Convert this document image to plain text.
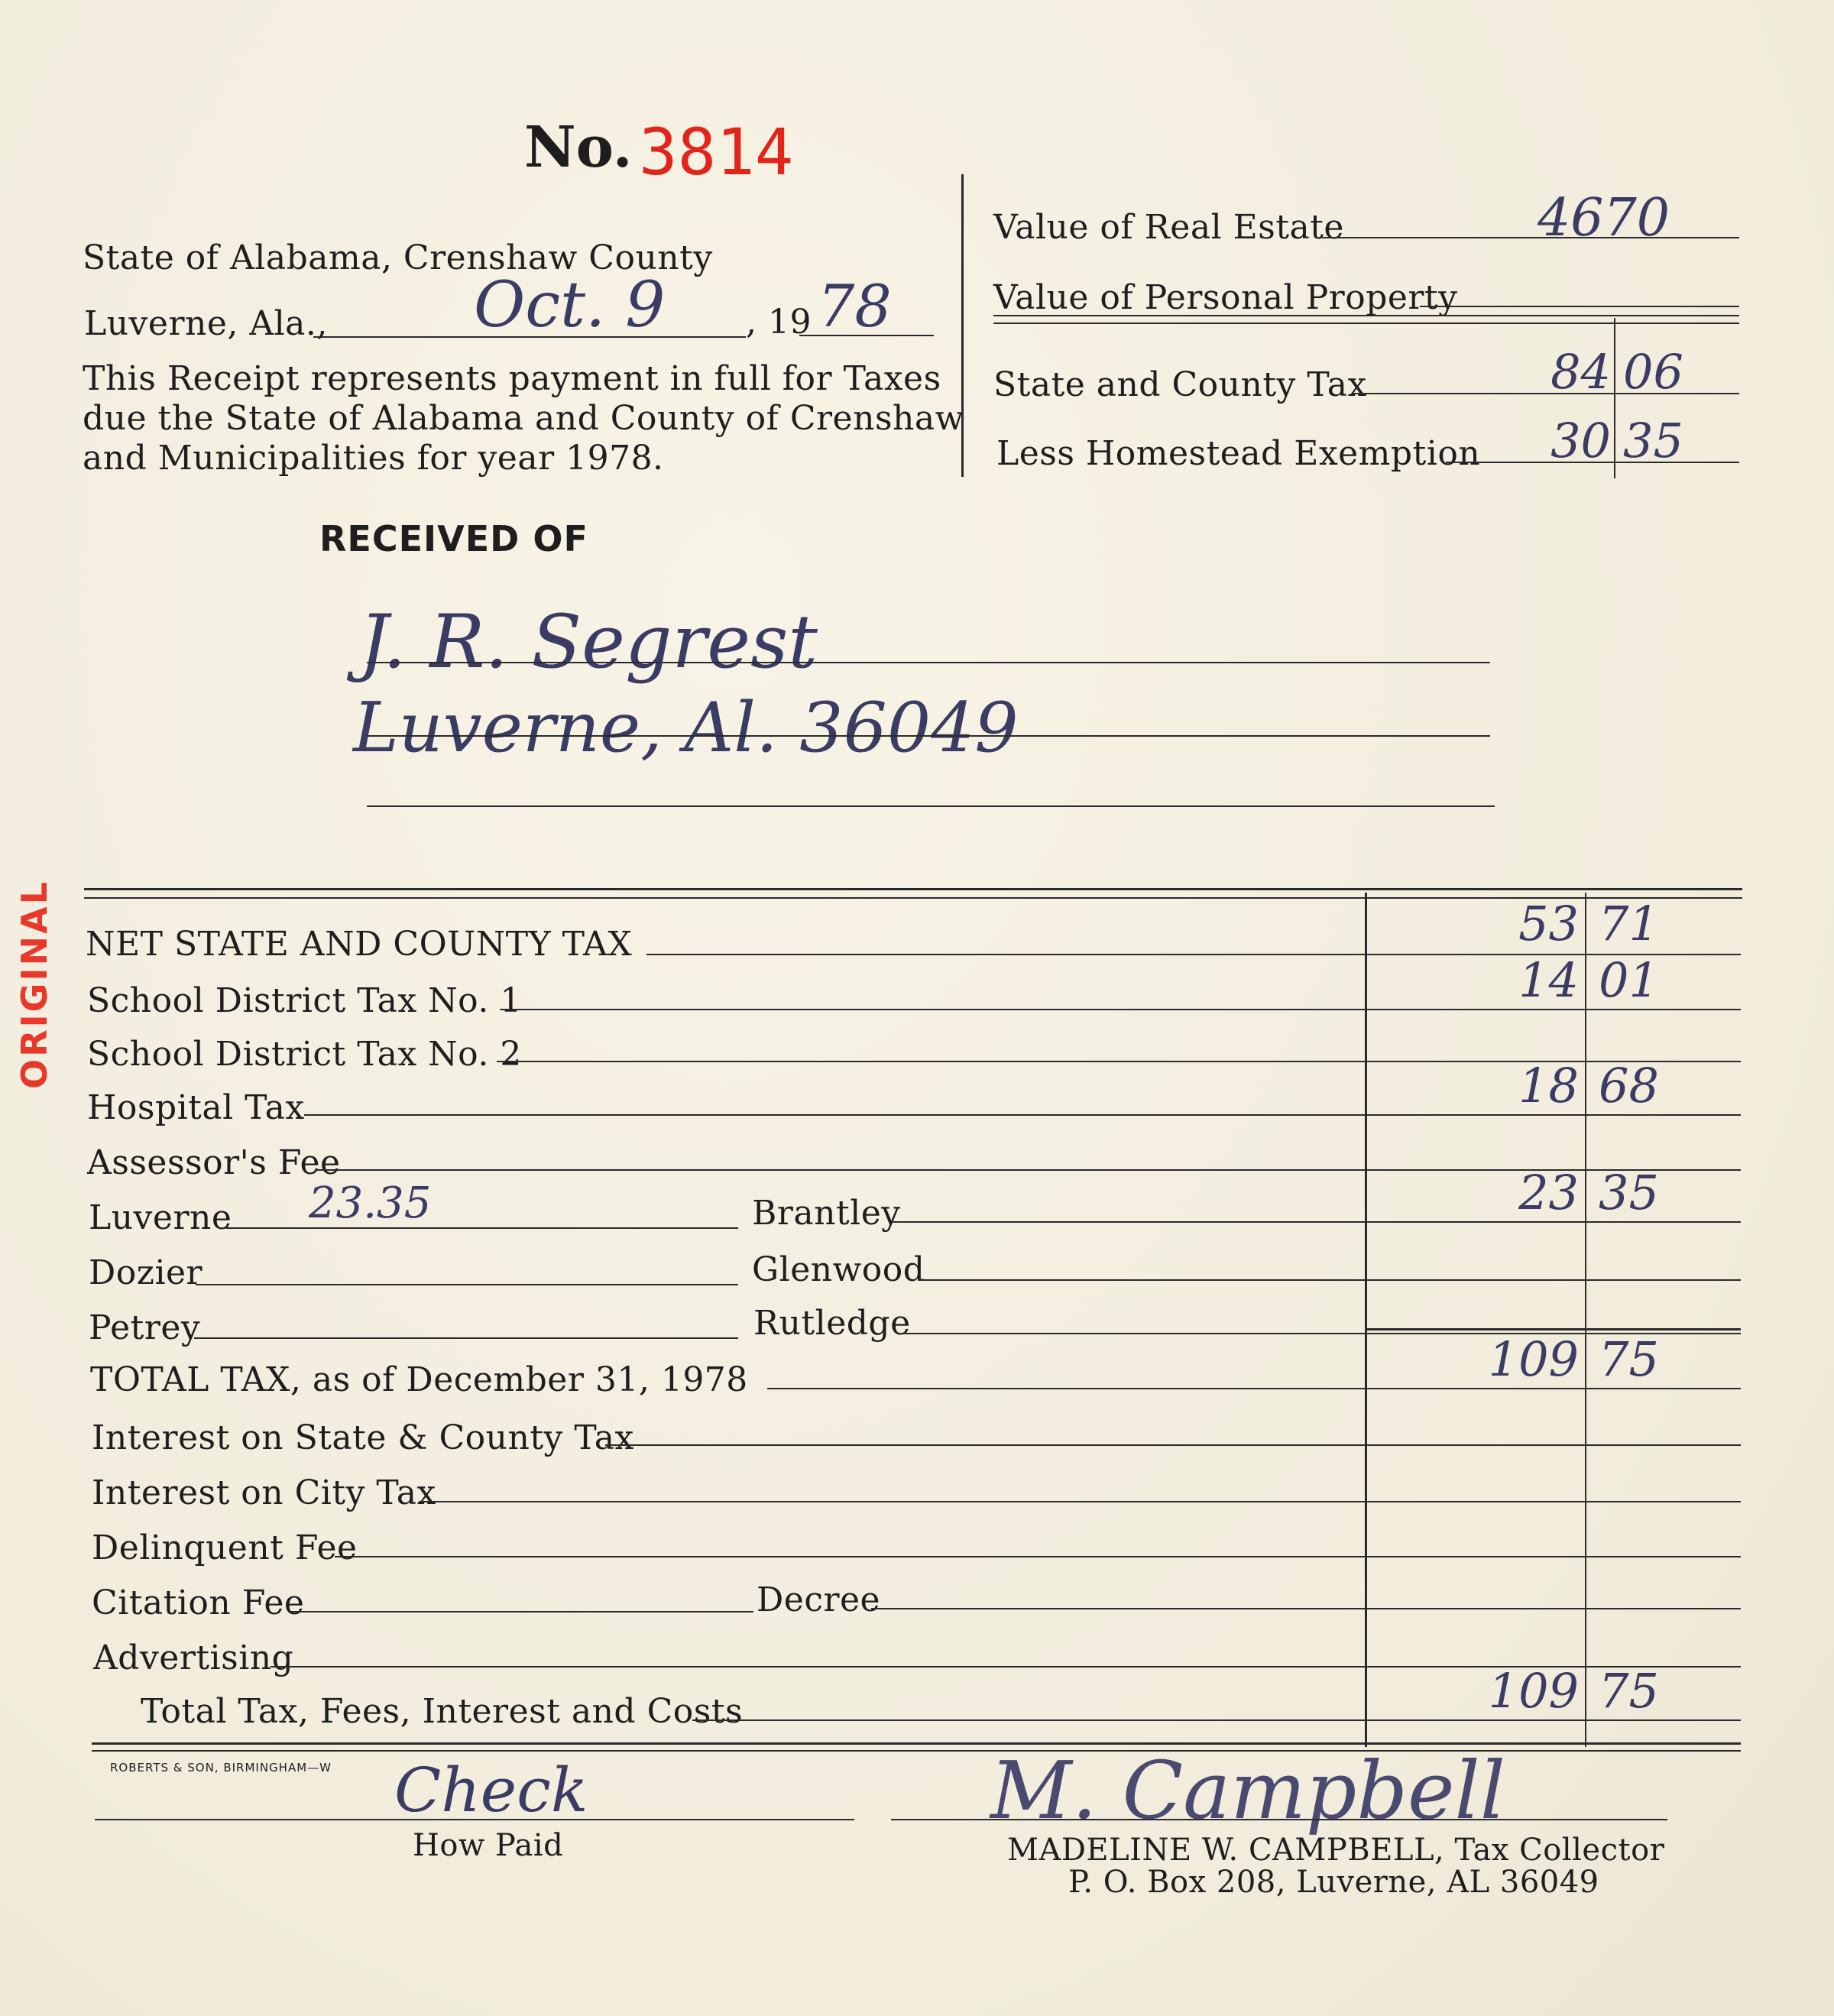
No. 3814
ORIGINAL
State of Alabama, Crenshaw County
Luverne, Ala., Oct. 9 , 19 78
This Receipt represents payment in full for Taxes
due the State of Alabama and County of Crenshaw
and Municipalities for year 1978.
Value of Real Estate	4670
Value of Personal Property
State and County Tax	84 06
Less Homestead Exemption	30 35
RECEIVED OF
J. R. Segrest
Luverne, Al. 36049
NET STATE AND COUNTY TAX	53 71
School District Tax No. 1	14 01
School District Tax No. 2
Hospital Tax	18 68
Assessor's Fee
Luverne 23.35	Brantley	23 35
Dozier	Glenwood
Petrey	Rutledge
TOTAL TAX, as of December 31, 1978	109 75
Interest on State & County Tax
Interest on City Tax
Delinquent Fee
Citation Fee	Decree
Advertising
Total Tax, Fees, Interest and Costs	109 75
ROBERTS & SON, BIRMINGHAM—W Check
How Paid
M. Campbell
MADELINE W. CAMPBELL, Tax Collector
P. O. Box 208, Luverne, AL 36049
